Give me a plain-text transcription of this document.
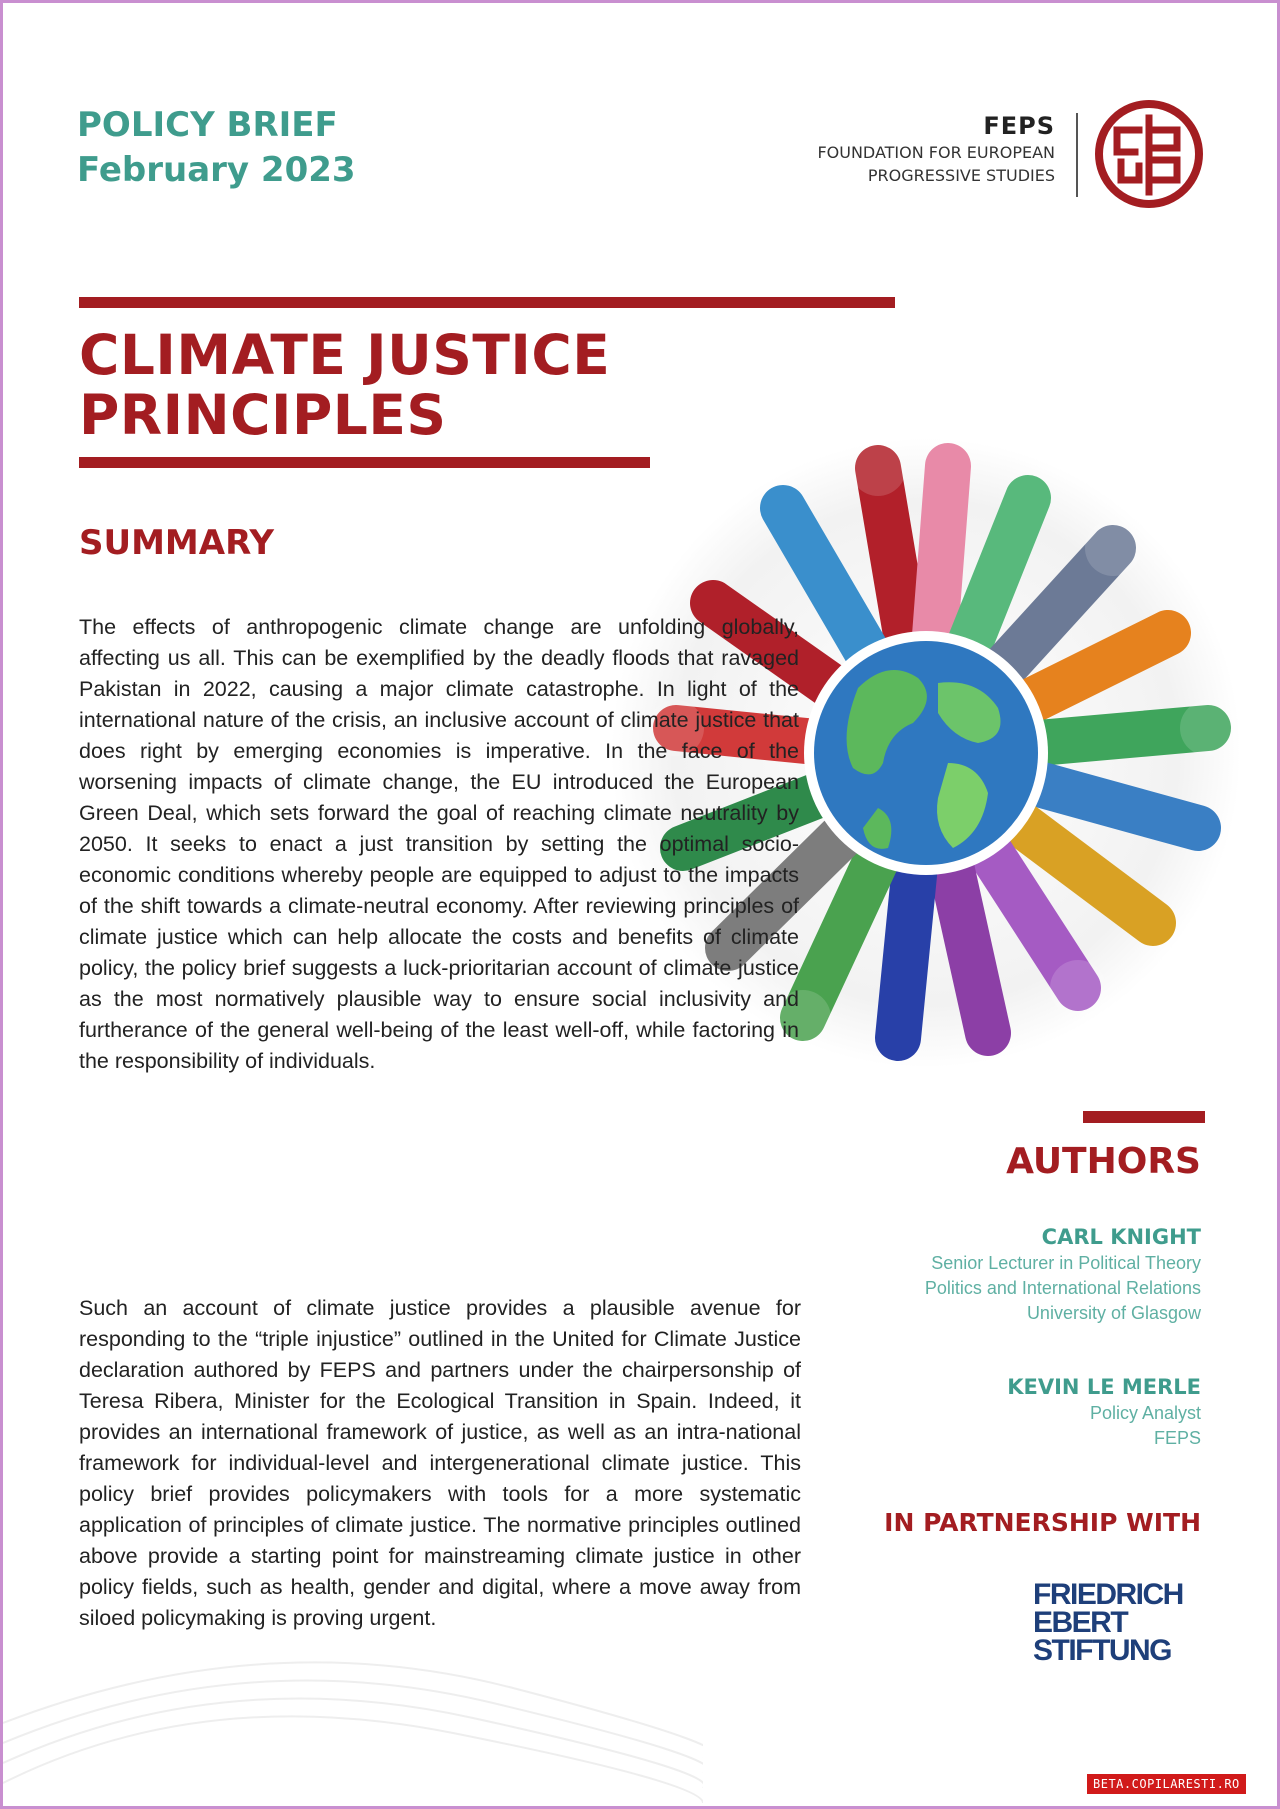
POLICY BRIEF
February 2023
FEPS
FOUNDATION FOR EUROPEAN
PROGRESSIVE STUDIES
CLIMATE JUSTICE
PRINCIPLES
SUMMARY

The effects of anthropogenic climate change are unfolding globally, affecting us all. This can be exemplified by the deadly floods that ravaged Pakistan in 2022, causing a major climate catastrophe. In light of the international nature of the crisis, an inclusive account of climate justice that does right by emerging economies is imperative. In the face of the worsening impacts of climate change, the EU introduced the European Green Deal, which sets forward the goal of reaching climate neutrality by 2050. It seeks to enact a just transition by setting the optimal socio-economic conditions whereby people are equipped to adjust to the impacts of the shift towards a climate-neutral economy. After reviewing principles of climate justice which can help allocate the costs and benefits of climate policy, the policy brief suggests a luck-prioritarian account of climate justice as the most normatively plausible way to ensure social inclusivity and furtherance of the general well-being of the least well-off, while factoring in the responsibility of individuals.

Such an account of climate justice provides a plausible avenue for responding to the “triple injustice” outlined in the United for Climate Justice declaration authored by FEPS and partners under the chairpersonship of Teresa Ribera, Minister for the Ecological Transition in Spain. Indeed, it provides an international framework of justice, as well as an intra-national framework for individual-level and intergenerational climate justice. This policy brief provides policymakers with tools for a more systematic application of principles of climate justice. The normative principles outlined above provide a starting point for mainstreaming climate justice in other policy fields, such as health, gender and digital, where a move away from siloed policymaking is proving urgent.

AUTHORS
CARL KNIGHT
Senior Lecturer in Political Theory
Politics and International Relations
University of Glasgow
KEVIN LE MERLE
Policy Analyst
FEPS
IN PARTNERSHIP WITH
FRIEDRICH
EBERT
STIFTUNG
BETA.COPILARESTI.RO
